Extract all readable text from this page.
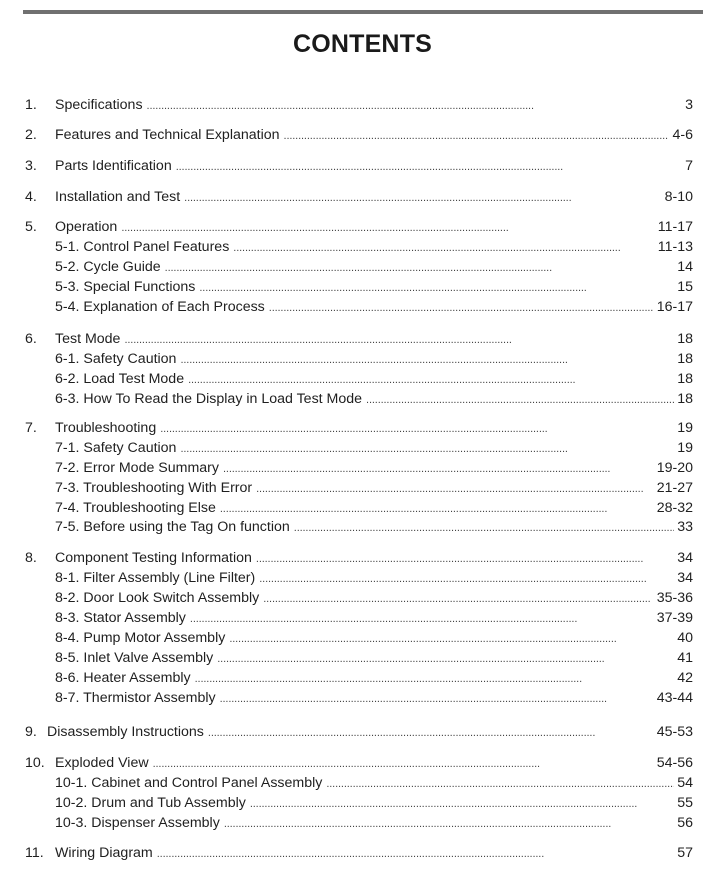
CONTENTS
1.	Specifications . . .	3
2.	Features and Technical Explanation . . .	4-6
3.	Parts Identification . . .	7
4.	Installation and Test . . .	8-10
5.	Operation . . .	11-17
5-1. Control Panel Features . . .	11-13
5-2. Cycle Guide . . .	14
5-3. Special Functions . . .	15
5-4. Explanation of Each Process . . .	16-17
6.	Test Mode . . .	18
6-1. Safety Caution . . .	18
6-2. Load Test Mode . . .	18
6-3. How To Read the Display in Load Test Mode . . .	18
7.	Troubleshooting . . .	19
7-1. Safety Caution . . .	19
7-2. Error Mode Summary . . .	19-20
7-3. Troubleshooting With Error . . .	21-27
7-4. Troubleshooting Else . . .	28-32
7-5. Before using the Tag On function . . .	33
8.	Component Testing Information . . .	34
8-1. Filter Assembly (Line Filter) . . .	34
8-2. Door Look Switch Assembly . . .	35-36
8-3. Stator Assembly . . .	37-39
8-4. Pump Motor Assembly . . .	40
8-5. Inlet Valve Assembly . . .	41
8-6. Heater Assembly . . .	42
8-7. Thermistor Assembly . . .	43-44
9. Disassembly Instructions . . .	45-53
10. Exploded View . . .	54-56
10-1. Cabinet and Control Panel Assembly . . .	54
10-2. Drum and Tub Assembly . . .	55
10-3. Dispenser Assembly . . .	56
11. Wiring Diagram . . .	57
